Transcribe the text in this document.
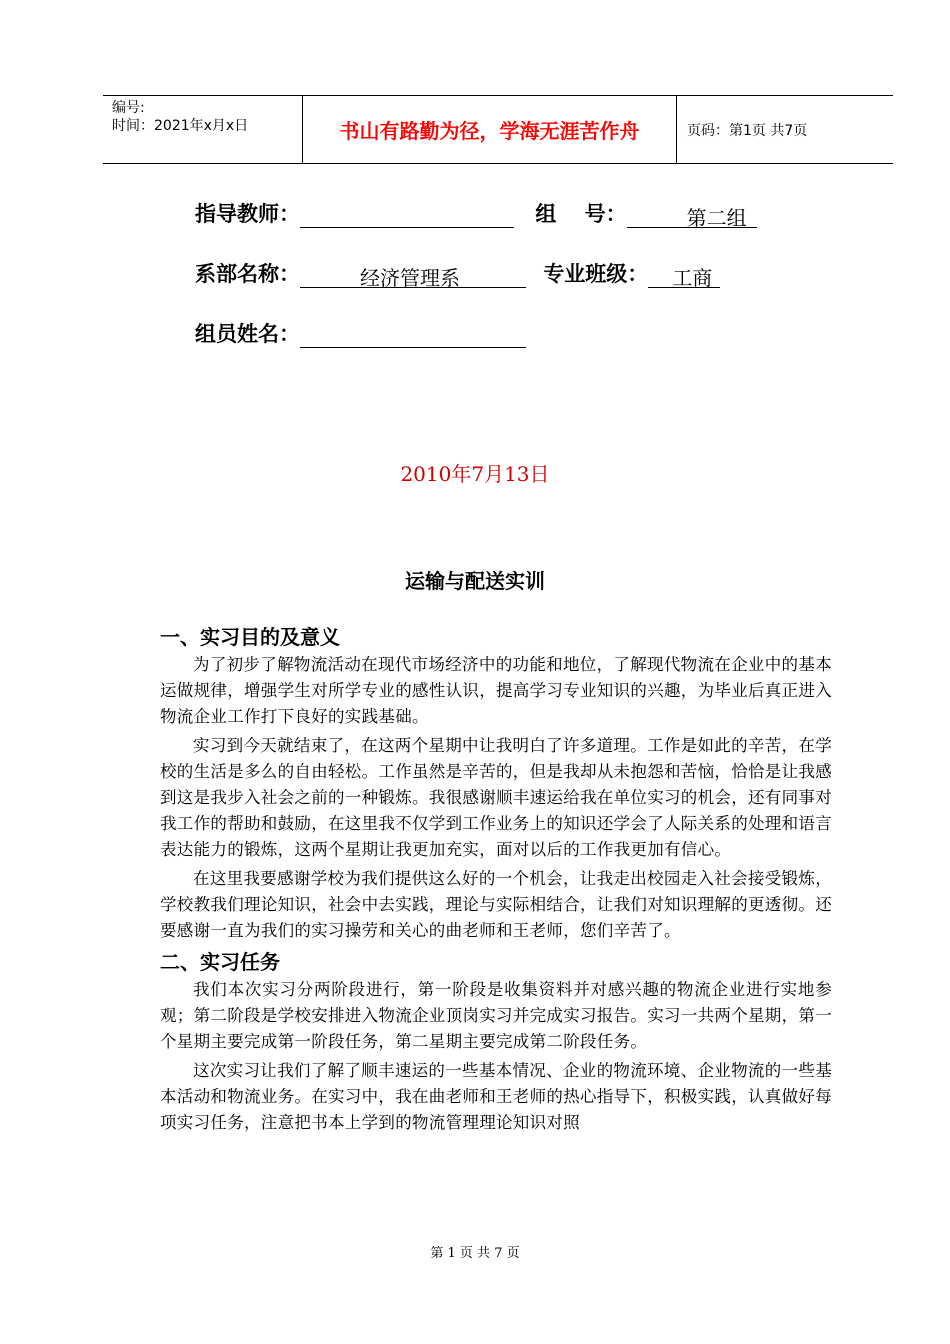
编号:
时间：2021年x月x日	书山有路勤为径，学海无涯苦作舟	页码：第1页 共7页
指导教师：	组　 号：	第二组
系部名称：	经济管理系	专业班级： 工商
组员姓名：
2010年7月13日
运输与配送实训
一、实习目的及意义

为了初步了解物流活动在现代市场经济中的功能和地位，了解现代物流在企业中的基本运做规律，增强学生对所学专业的感性认识，提高学习专业知识的兴趣，为毕业后真正进入物流企业工作打下良好的实践基础。

实习到今天就结束了，在这两个星期中让我明白了许多道理。工作是如此的辛苦，在学校的生活是多么的自由轻松。工作虽然是辛苦的，但是我却从未抱怨和苦恼，恰恰是让我感到这是我步入社会之前的一种锻炼。我很感谢顺丰速运给我在单位实习的机会，还有同事对我工作的帮助和鼓励，在这里我不仅学到工作业务上的知识还学会了人际关系的处理和语言表达能力的锻炼，这两个星期让我更加充实，面对以后的工作我更加有信心。

在这里我要感谢学校为我们提供这么好的一个机会，让我走出校园走入社会接受锻炼，学校教我们理论知识，社会中去实践，理论与实际相结合，让我们对知识理解的更透彻。还要感谢一直为我们的实习操劳和关心的曲老师和王老师，您们辛苦了。

二、实习任务

我们本次实习分两阶段进行，第一阶段是收集资料并对感兴趣的物流企业进行实地参观；第二阶段是学校安排进入物流企业顶岗实习并完成实习报告。实习一共两个星期，第一个星期主要完成第一阶段任务，第二星期主要完成第二阶段任务。

这次实习让我们了解了顺丰速运的一些基本情况、企业的物流环境、企业物流的一些基本活动和物流业务。在实习中，我在曲老师和王老师的热心指导下，积极实践，认真做好每项实习任务，注意把书本上学到的物流管理理论知识对照

第 1 页 共 7 页
